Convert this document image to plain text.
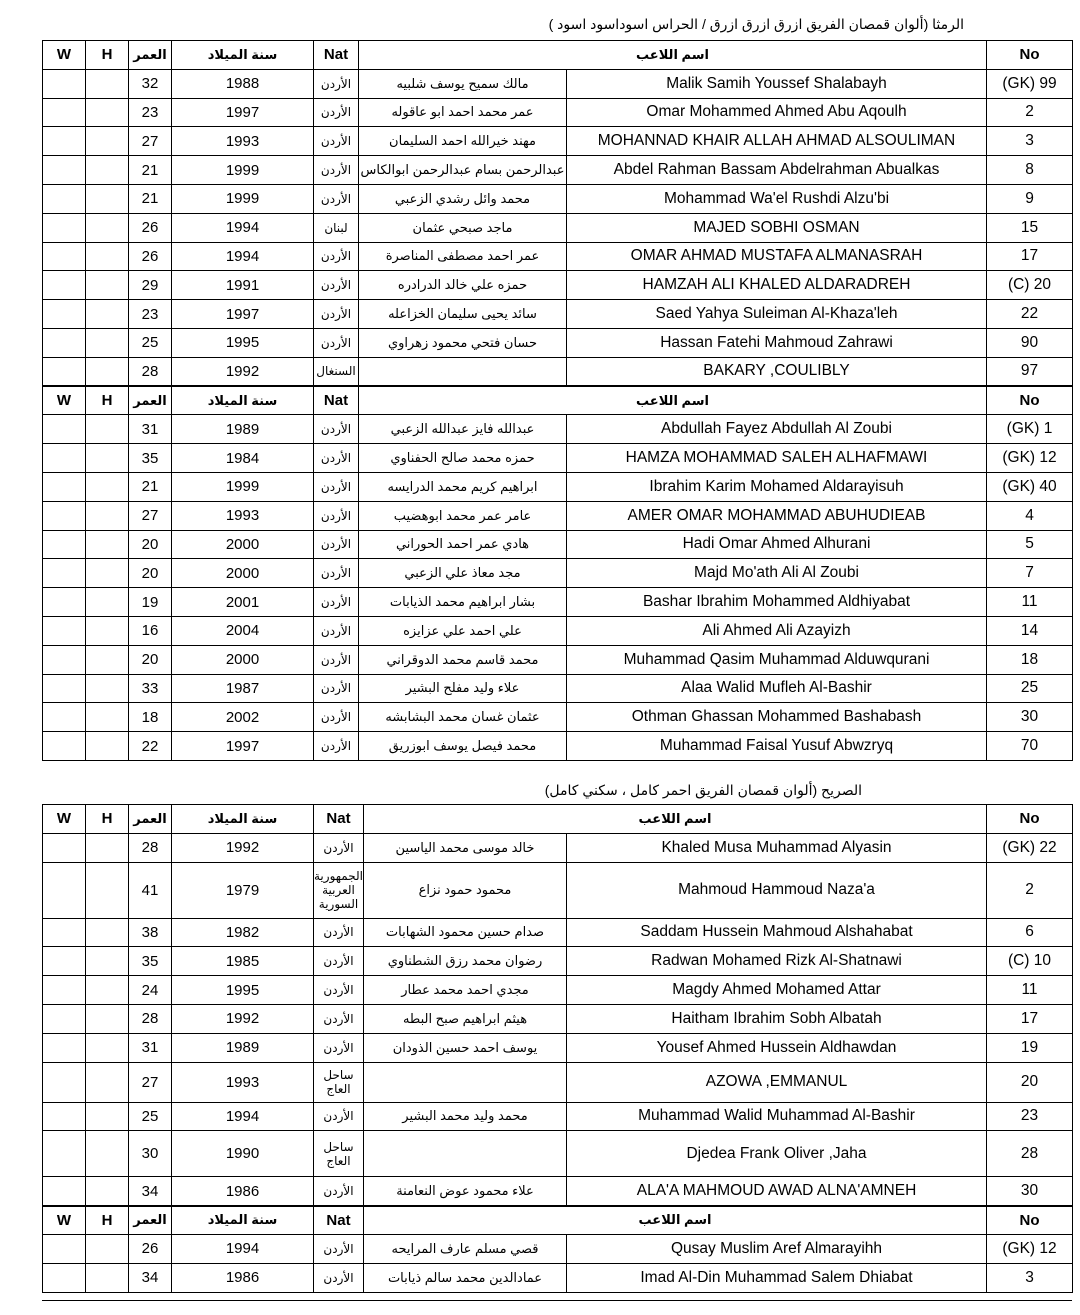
الرمثا (ألوان قمصان الفريق ازرق ازرق ازرق / الحراس اسوداسود اسود )
W	H	العمر	سنة الميلاد	Nat	اسم اللاعب		No
		32	1988	الأردن	مالك سميح يوسف شلبيه	Malik Samih Youssef Shalabayh	(GK) 99
		23	1997	الأردن	عمر محمد احمد ابو عاقوله	Omar Mohammed Ahmed Abu Aqoulh	2
		27	1993	الأردن	مهند خيرالله احمد السليمان	MOHANNAD KHAIR ALLAH AHMAD ALSOULIMAN	3
		21	1999	الأردن	عبدالرحمن بسام عبدالرحمن ابوالكاس	Abdel Rahman Bassam Abdelrahman Abualkas	8
		21	1999	الأردن	محمد وائل رشدي الزعبي	Mohammad Wa'el Rushdi Alzu'bi	9
		26	1994	لبنان	ماجد صبحي عثمان	MAJED SOBHI OSMAN	15
		26	1994	الأردن	عمر احمد مصطفى المناصرة	OMAR AHMAD MUSTAFA ALMANASRAH	17
		29	1991	الأردن	حمزه علي خالد الدرادره	HAMZAH ALI KHALED ALDARADREH	(C) 20
		23	1997	الأردن	سائد يحيى سليمان الخزاعله	Saed Yahya Suleiman Al-Khaza'leh	22
		25	1995	الأردن	حسان فتحي محمود زهراوي	Hassan Fatehi Mahmoud Zahrawi	90
		28	1992	السنغال		BAKARY ,COULIBLY	97
W	H	العمر	سنة الميلاد	Nat	اسم اللاعب		No
		31	1989	الأردن	عبدالله فايز عبدالله الزعبي	Abdullah Fayez Abdullah Al Zoubi	(GK) 1
		35	1984	الأردن	حمزه محمد صالح الحفناوي	HAMZA MOHAMMAD SALEH ALHAFMAWI	(GK) 12
		21	1999	الأردن	ابراهيم كريم محمد الدرايسه	Ibrahim Karim Mohamed Aldarayisuh	(GK) 40
		27	1993	الأردن	عامر عمر محمد ابوهضيب	AMER OMAR MOHAMMAD ABUHUDIEAB	4
		20	2000	الأردن	هادي عمر احمد الحوراني	Hadi Omar Ahmed Alhurani	5
		20	2000	الأردن	مجد معاذ علي الزعبي	Majd Mo'ath Ali Al Zoubi	7
		19	2001	الأردن	بشار ابراهيم محمد الذيابات	Bashar Ibrahim Mohammed Aldhiyabat	11
		16	2004	الأردن	علي احمد علي عزايزه	Ali Ahmed Ali Azayizh	14
		20	2000	الأردن	محمد قاسم محمد الدوقراني	Muhammad Qasim Muhammad Alduwqurani	18
		33	1987	الأردن	علاء وليد مفلح البشير	Alaa Walid Mufleh Al-Bashir	25
		18	2002	الأردن	عثمان غسان محمد البشابشه	Othman Ghassan Mohammed Bashabash	30
		22	1997	الأردن	محمد فيصل يوسف ابوزريق	Muhammad Faisal Yusuf Abwzryq	70
الصريح (ألوان قمصان الفريق احمر كامل ، سكني كامل)
W	H	العمر	سنة الميلاد	Nat	اسم اللاعب		No
		28	1992	الأردن	خالد موسى محمد الياسين	Khaled Musa Muhammad Alyasin	(GK) 22
		41	1979	الجمهورية العربية السورية	محمود حمود نزاع	Mahmoud Hammoud Naza'a	2
		38	1982	الأردن	صدام حسين محمود الشهابات	Saddam Hussein Mahmoud Alshahabat	6
		35	1985	الأردن	رضوان محمد رزق الشطناوي	Radwan Mohamed Rizk Al-Shatnawi	(C) 10
		24	1995	الأردن	مجدي احمد محمد عطار	Magdy Ahmed Mohamed Attar	11
		28	1992	الأردن	هيثم ابراهيم صبح البطه	Haitham Ibrahim Sobh Albatah	17
		31	1989	الأردن	يوسف احمد حسين الذودان	Yousef Ahmed Hussein Aldhawdan	19
		27	1993	ساحل العاج		AZOWA ,EMMANUL	20
		25	1994	الأردن	محمد وليد محمد البشير	Muhammad Walid Muhammad Al-Bashir	23
		30	1990	ساحل العاج		Djedea Frank Oliver ,Jaha	28
		34	1986	الأردن	علاء محمود عوض النعامنة	ALA'A MAHMOUD AWAD ALNA'AMNEH	30
W	H	العمر	سنة الميلاد	Nat	اسم اللاعب		No
		26	1994	الأردن	قصي مسلم عارف المرايحه	Qusay Muslim Aref Almarayihh	(GK) 12
		34	1986	الأردن	عمادالدين محمد سالم ذيابات	Imad Al-Din Muhammad Salem Dhiabat	3
